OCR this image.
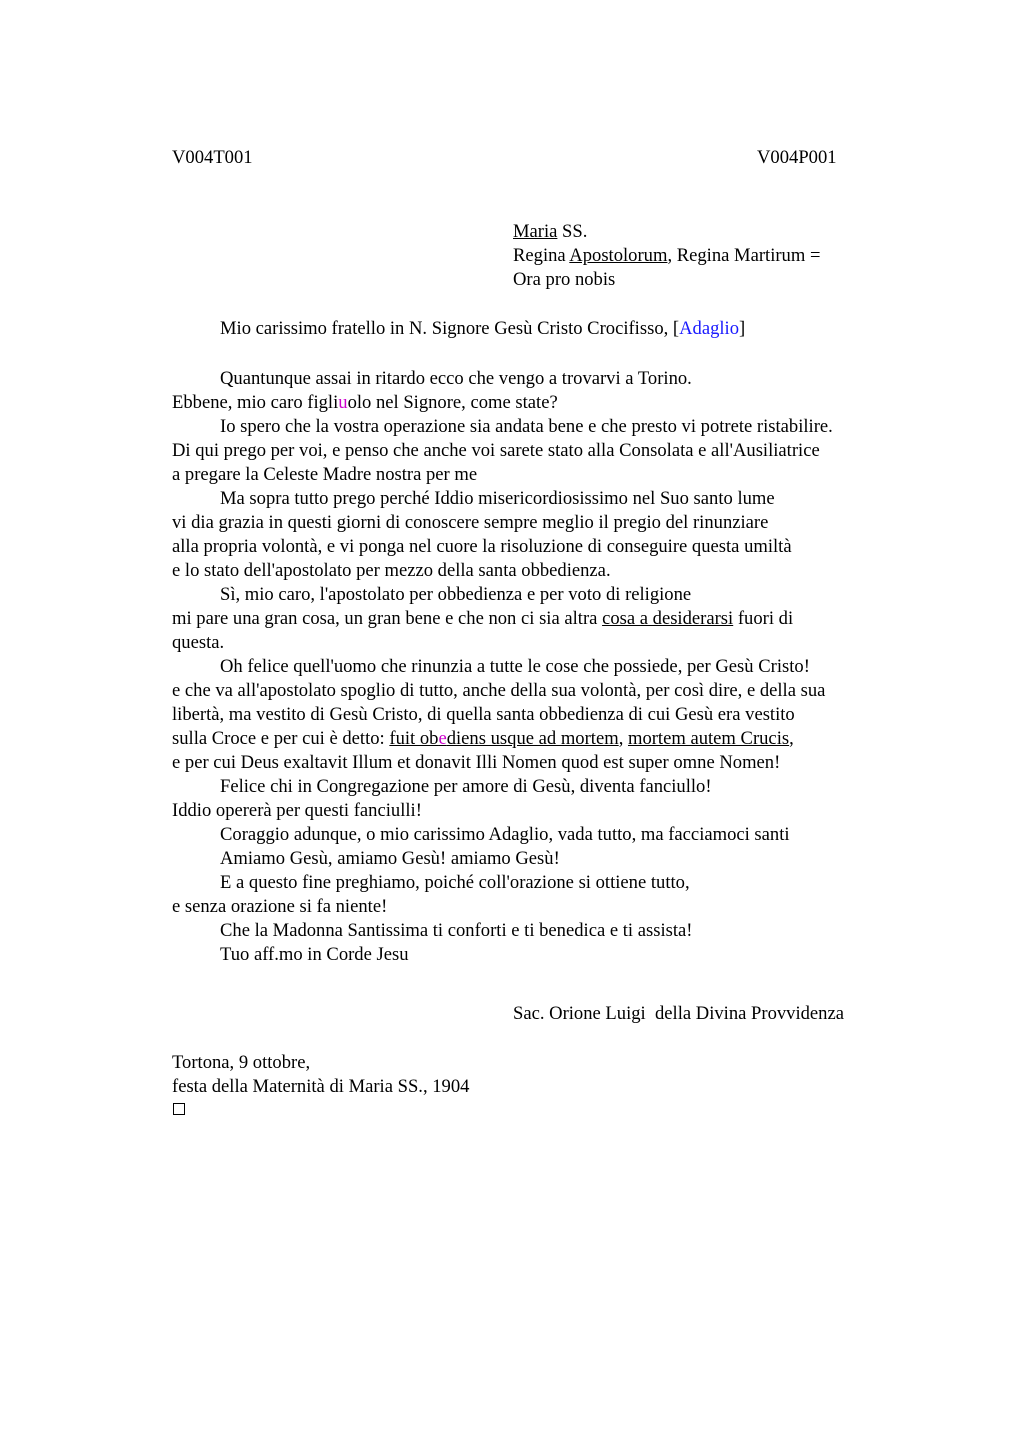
V004T001	V004P001

Maria SS.

Regina Apostolorum, Regina Martirum =

Ora pro nobis

Mio carissimo fratello in N. Signore Gesù Cristo Crocifisso, [Adaglio]

Quantunque assai in ritardo ecco che vengo a trovarvi a Torino.

Ebbene, mio caro figliuolo nel Signore, come state?

Io spero che la vostra operazione sia andata bene e che presto vi potrete ristabilire.

Di qui prego per voi, e penso che anche voi sarete stato alla Consolata e all'Ausiliatrice

a pregare la Celeste Madre nostra per me

Ma sopra tutto prego perché Iddio misericordiosissimo nel Suo santo lume

vi dia grazia in questi giorni di conoscere sempre meglio il pregio del rinunziare

alla propria volontà, e vi ponga nel cuore la risoluzione di conseguire questa umiltà

e lo stato dell'apostolato per mezzo della santa obbedienza.

Sì, mio caro, l'apostolato per obbedienza e per voto di religione

mi pare una gran cosa, un gran bene e che non ci sia altra cosa a desiderarsi fuori di

questa.

Oh felice quell'uomo che rinunzia a tutte le cose che possiede, per Gesù Cristo!

e che va all'apostolato spoglio di tutto, anche della sua volontà, per così dire, e della sua

libertà, ma vestito di Gesù Cristo, di quella santa obbedienza di cui Gesù era vestito

sulla Croce e per cui è detto: fuit obediens usque ad mortem, mortem autem Crucis,

e per cui Deus exaltavit Illum et donavit Illi Nomen quod est super omne Nomen!

Felice chi in Congregazione per amore di Gesù, diventa fanciullo!

Iddio opererà per questi fanciulli!

Coraggio adunque, o mio carissimo Adaglio, vada tutto, ma facciamoci santi

Amiamo Gesù, amiamo Gesù! amiamo Gesù!

E a questo fine preghiamo, poiché coll'orazione si ottiene tutto,

e senza orazione si fa niente!

Che la Madonna Santissima ti conforti e ti benedica e ti assista!

Tuo aff.mo in Corde Jesu

Sac. Orione Luigi  della Divina Provvidenza

Tortona, 9 ottobre,

festa della Maternità di Maria SS., 1904
